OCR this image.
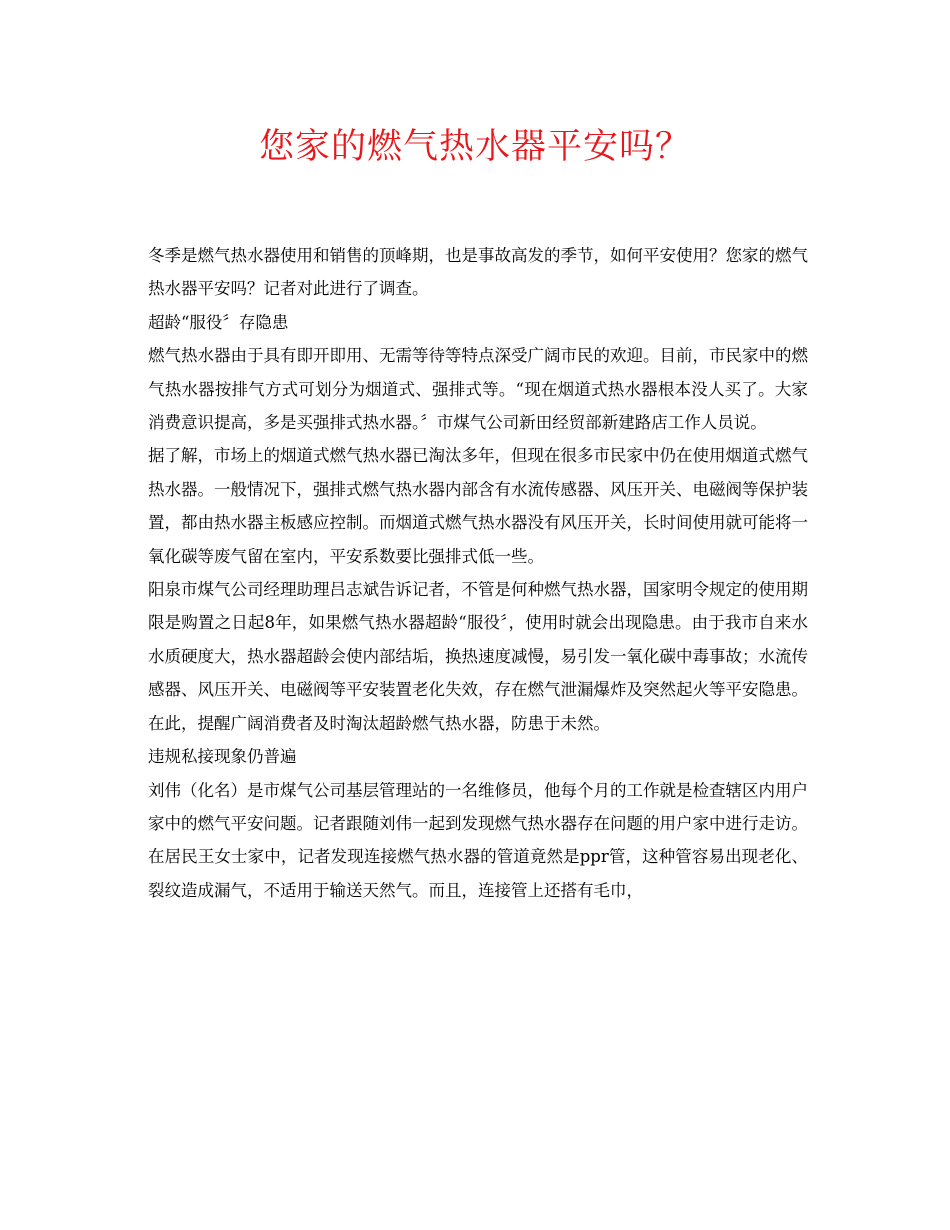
您家的燃气热水器平安吗？

冬季是燃气热水器使用和销售的顶峰期，也是事故高发的季节，如何平安使用？您家的燃气热水器平安吗？记者对此进行了调查。

超龄“服役〞存隐患

燃气热水器由于具有即开即用、无需等待等特点深受广阔市民的欢迎。目前，市民家中的燃气热水器按排气方式可划分为烟道式、强排式等。“现在烟道式热水器根本没人买了。大家消费意识提高，多是买强排式热水器。〞市煤气公司新田经贸部新建路店工作人员说。

据了解，市场上的烟道式燃气热水器已淘汰多年，但现在很多市民家中仍在使用烟道式燃气热水器。一般情况下，强排式燃气热水器内部含有水流传感器、风压开关、电磁阀等保护装置，都由热水器主板感应控制。而烟道式燃气热水器没有风压开关，长时间使用就可能将一氧化碳等废气留在室内，平安系数要比强排式低一些。

阳泉市煤气公司经理助理吕志斌告诉记者，不管是何种燃气热水器，国家明令规定的使用期限是购置之日起8年，如果燃气热水器超龄“服役〞，使用时就会出现隐患。由于我市自来水水质硬度大，热水器超龄会使内部结垢，换热速度减慢，易引发一氧化碳中毒事故；水流传感器、风压开关、电磁阀等平安装置老化失效，存在燃气泄漏爆炸及突然起火等平安隐患。在此，提醒广阔消费者及时淘汰超龄燃气热水器，防患于未然。

违规私接现象仍普遍

刘伟（化名）是市煤气公司基层管理站的一名维修员，他每个月的工作就是检查辖区内用户家中的燃气平安问题。记者跟随刘伟一起到发现燃气热水器存在问题的用户家中进行走访。

在居民王女士家中，记者发现连接燃气热水器的管道竟然是ppr管，这种管容易出现老化、裂纹造成漏气，不适用于输送天然气。而且，连接管上还搭有毛巾，
